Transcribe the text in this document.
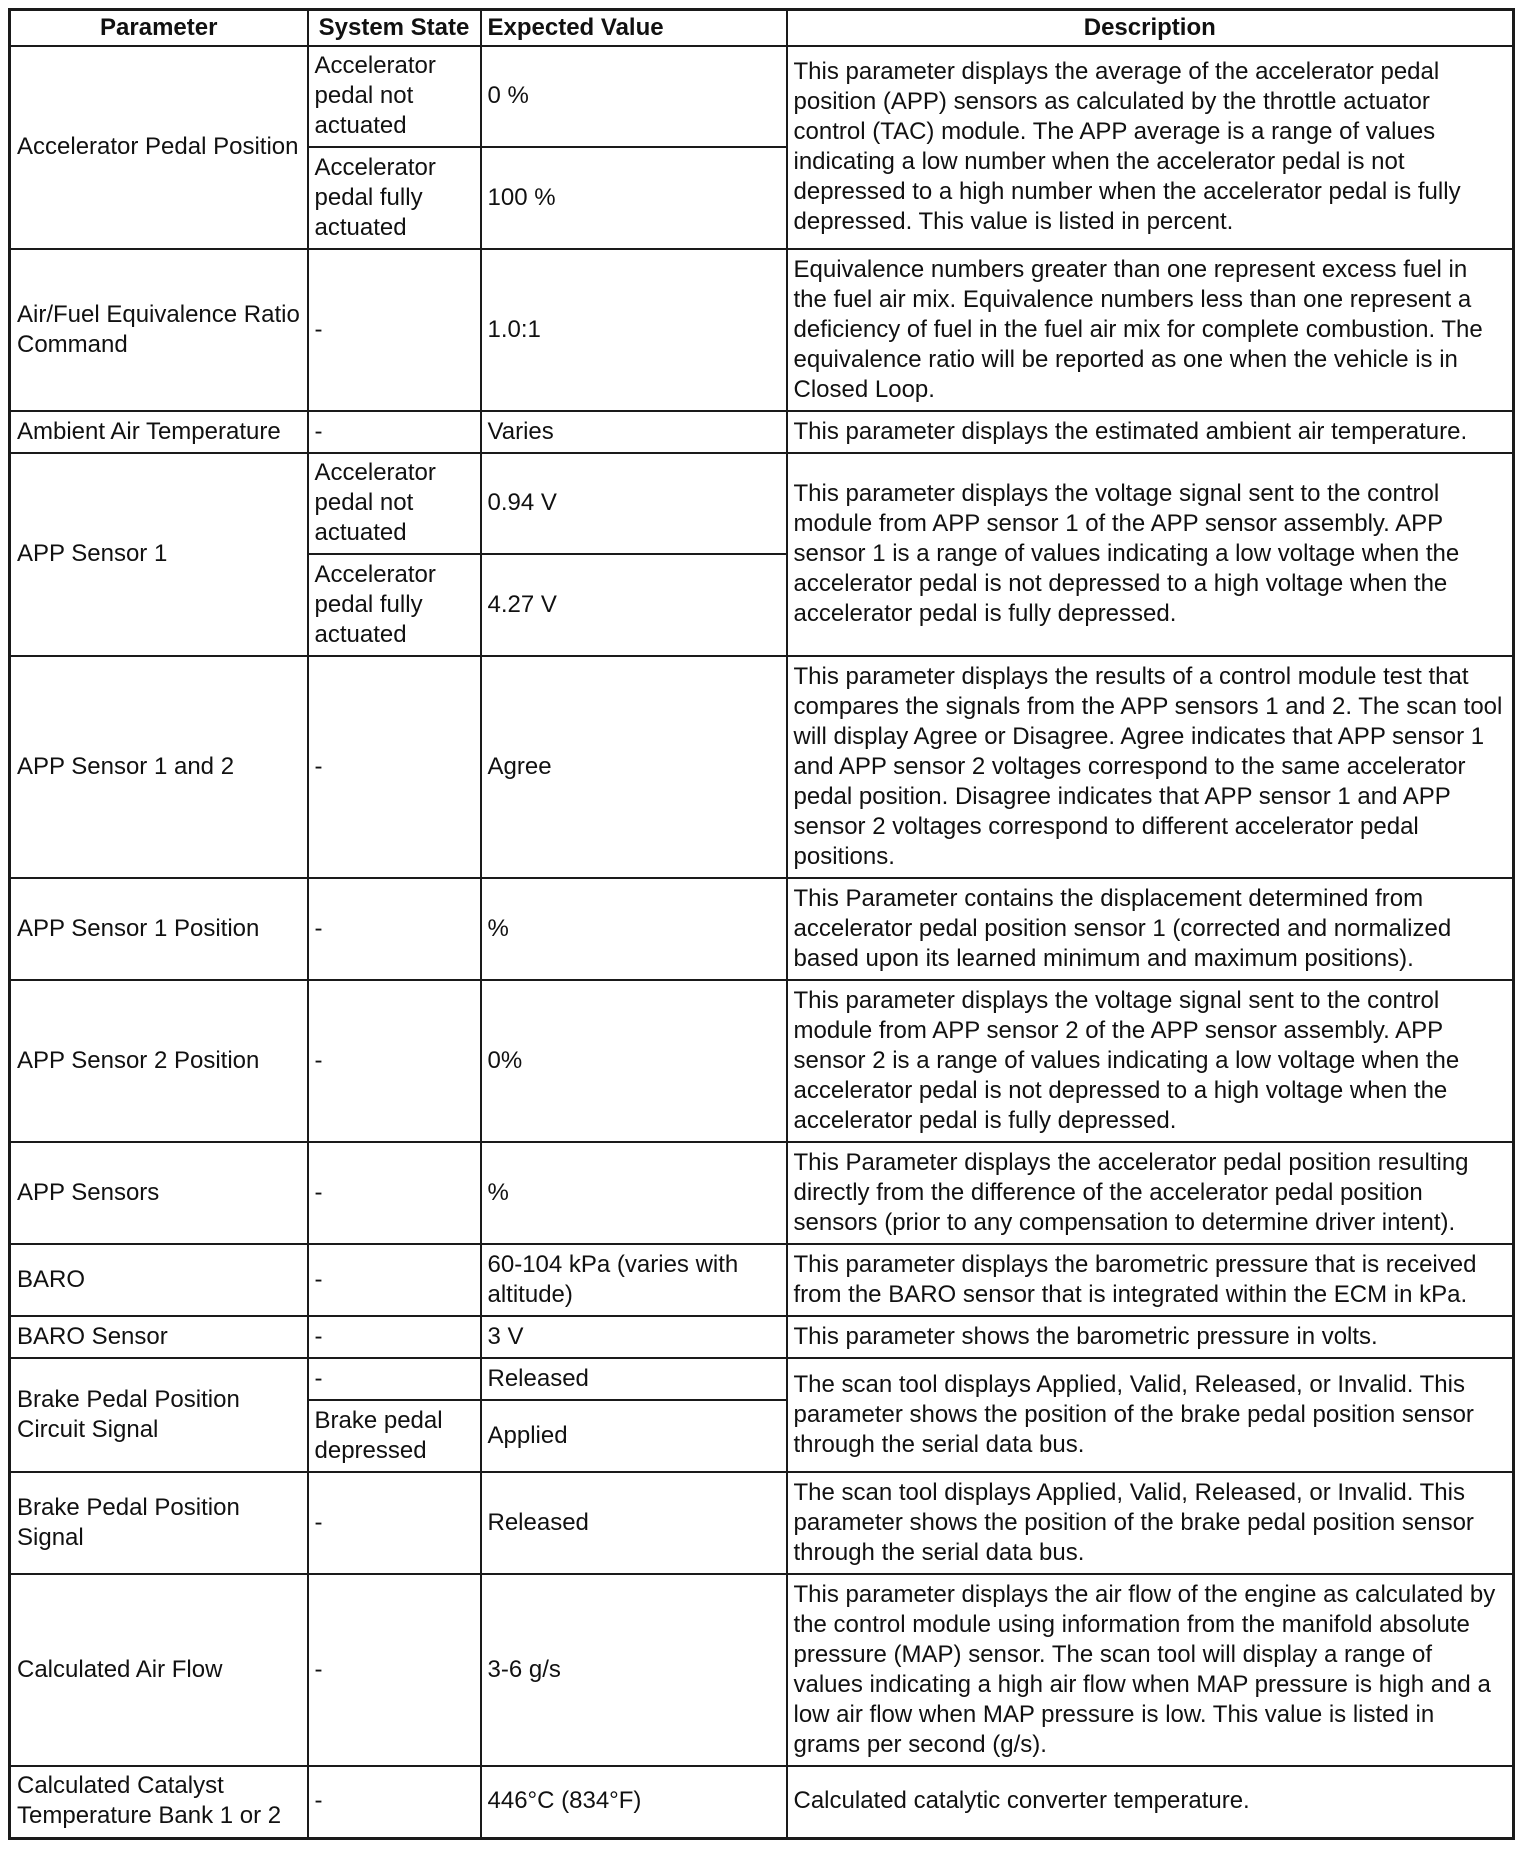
Parameter	System State	Expected Value	Description
Accelerator Pedal Position	Accelerator pedal not actuated	0 %	This parameter displays the average of the accelerator pedal position (APP) sensors as calculated by the throttle actuator control (TAC) module. The APP average is a range of values indicating a low number when the accelerator pedal is not depressed to a high number when the accelerator pedal is fully depressed. This value is listed in percent.
	Accelerator pedal fully actuated	100 %	
Air/Fuel Equivalence Ratio Command	-	1.0:1	Equivalence numbers greater than one represent excess fuel in the fuel air mix. Equivalence numbers less than one represent a deficiency of fuel in the fuel air mix for complete combustion. The equivalence ratio will be reported as one when the vehicle is in Closed Loop.
Ambient Air Temperature	-	Varies	This parameter displays the estimated ambient air temperature.
APP Sensor 1	Accelerator pedal not actuated	0.94 V	This parameter displays the voltage signal sent to the control module from APP sensor 1 of the APP sensor assembly. APP sensor 1 is a range of values indicating a low voltage when the accelerator pedal is not depressed to a high voltage when the accelerator pedal is fully depressed.
	Accelerator pedal fully actuated	4.27 V	
APP Sensor 1 and 2	-	Agree	This parameter displays the results of a control module test that compares the signals from the APP sensors 1 and 2. The scan tool will display Agree or Disagree. Agree indicates that APP sensor 1 and APP sensor 2 voltages correspond to the same accelerator pedal position. Disagree indicates that APP sensor 1 and APP sensor 2 voltages correspond to different accelerator pedal positions.
APP Sensor 1 Position	-	%	This Parameter contains the displacement determined from accelerator pedal position sensor 1 (corrected and normalized based upon its learned minimum and maximum positions).
APP Sensor 2 Position	-	0%	This parameter displays the voltage signal sent to the control module from APP sensor 2 of the APP sensor assembly. APP sensor 2 is a range of values indicating a low voltage when the accelerator pedal is not depressed to a high voltage when the accelerator pedal is fully depressed.
APP Sensors	-	%	This Parameter displays the accelerator pedal position resulting directly from the difference of the accelerator pedal position sensors (prior to any compensation to determine driver intent).
BARO	-	60-104 kPa (varies with altitude)	This parameter displays the barometric pressure that is received from the BARO sensor that is integrated within the ECM in kPa.
BARO Sensor	-	3 V	This parameter shows the barometric pressure in volts.
Brake Pedal Position Circuit Signal	-	Released	The scan tool displays Applied, Valid, Released, or Invalid. This parameter shows the position of the brake pedal position sensor through the serial data bus.
	Brake pedal depressed	Applied	
Brake Pedal Position Signal	-	Released	The scan tool displays Applied, Valid, Released, or Invalid. This parameter shows the position of the brake pedal position sensor through the serial data bus.
Calculated Air Flow	-	3-6 g/s	This parameter displays the air flow of the engine as calculated by the control module using information from the manifold absolute pressure (MAP) sensor. The scan tool will display a range of values indicating a high air flow when MAP pressure is high and a low air flow when MAP pressure is low. This value is listed in grams per second (g/s).
Calculated Catalyst Temperature Bank 1 or 2	-	446°C (834°F)	Calculated catalytic converter temperature.
